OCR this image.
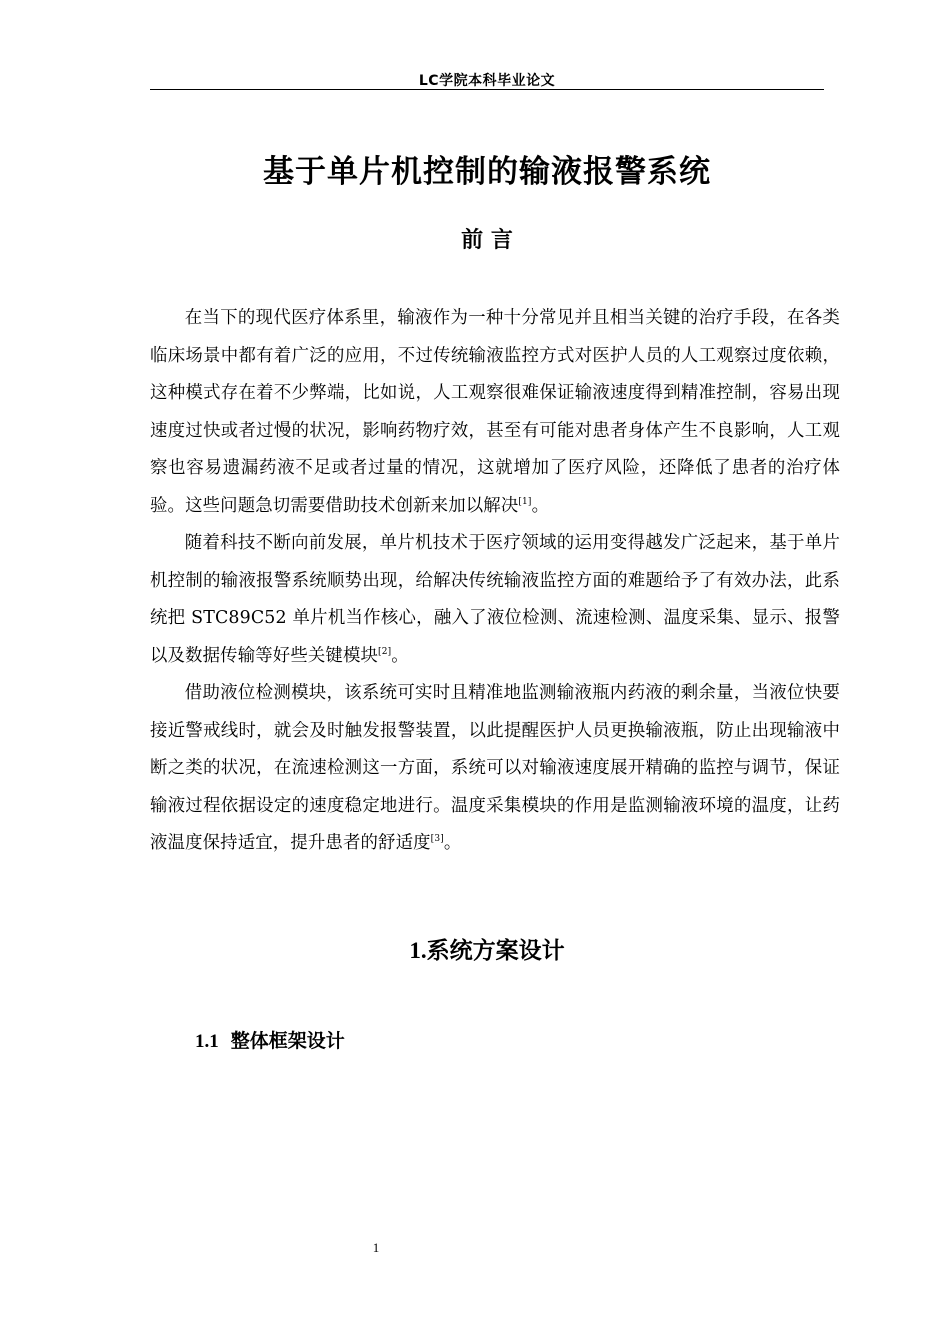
LC学院本科毕业论文
基于单片机控制的输液报警系统
前 言

在当下的现代医疗体系里，输液作为一种十分常见并且相当关键的治疗手段，在各类临床场景中都有着广泛的应用，不过传统输液监控方式对医护人员的人工观察过度依赖，这种模式存在着不少弊端，比如说，人工观察很难保证输液速度得到精准控制，容易出现速度过快或者过慢的状况，影响药物疗效，甚至有可能对患者身体产生不良影响，人工观察也容易遗漏药液不足或者过量的情况，这就增加了医疗风险，还降低了患者的治疗体验。这些问题急切需要借助技术创新来加以解决[1]。

随着科技不断向前发展，单片机技术于医疗领域的运用变得越发广泛起来，基于单片机控制的输液报警系统顺势出现，给解决传统输液监控方面的难题给予了有效办法，此系统把 STC89C52 单片机当作核心，融入了液位检测、流速检测、温度采集、显示、报警以及数据传输等好些关键模块[2]。

借助液位检测模块，该系统可实时且精准地监测输液瓶内药液的剩余量，当液位快要接近警戒线时，就会及时触发报警装置，以此提醒医护人员更换输液瓶，防止出现输液中断之类的状况，在流速检测这一方面，系统可以对输液速度展开精确的监控与调节，保证输液过程依据设定的速度稳定地进行。温度采集模块的作用是监测输液环境的温度，让药液温度保持适宜，提升患者的舒适度[3]。

1.系统方案设计
1.1 整体框架设计
1
